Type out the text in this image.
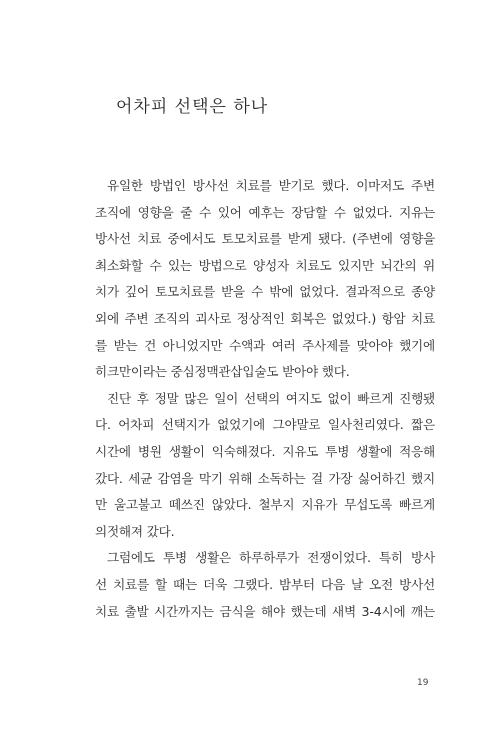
어차피 선택은 하나
유일한 방법인 방사선 치료를 받기로 했다. 이마저도 주변
조직에 영향을 줄 수 있어 예후는 장담할 수 없었다. 지유는
방사선 치료 중에서도 토모치료를 받게 됐다. (주변에 영향을
최소화할 수 있는 방법으로 양성자 치료도 있지만 뇌간의 위
치가 깊어 토모치료를 받을 수 밖에 없었다. 결과적으로 종양
외에 주변 조직의 괴사로 정상적인 회복은 없었다.) 항암 치료
를 받는 건 아니었지만 수액과 여러 주사제를 맞아야 했기에
히크만이라는 중심정맥관삽입술도 받아야 했다.
진단 후 정말 많은 일이 선택의 여지도 없이 빠르게 진행됐
다. 어차피 선택지가 없었기에 그야말로 일사천리였다. 짧은
시간에 병원 생활이 익숙해졌다. 지유도 투병 생활에 적응해
갔다. 세균 감염을 막기 위해 소독하는 걸 가장 싫어하긴 했지
만 울고불고 떼쓰진 않았다. 철부지 지유가 무섭도록 빠르게
의젓해져 갔다.
그럼에도 투병 생활은 하루하루가 전쟁이었다. 특히 방사
선 치료를 할 때는 더욱 그랬다. 밤부터 다음 날 오전 방사선
치료 출발 시간까지는 금식을 해야 했는데 새벽 3-4시에 깨는
19
